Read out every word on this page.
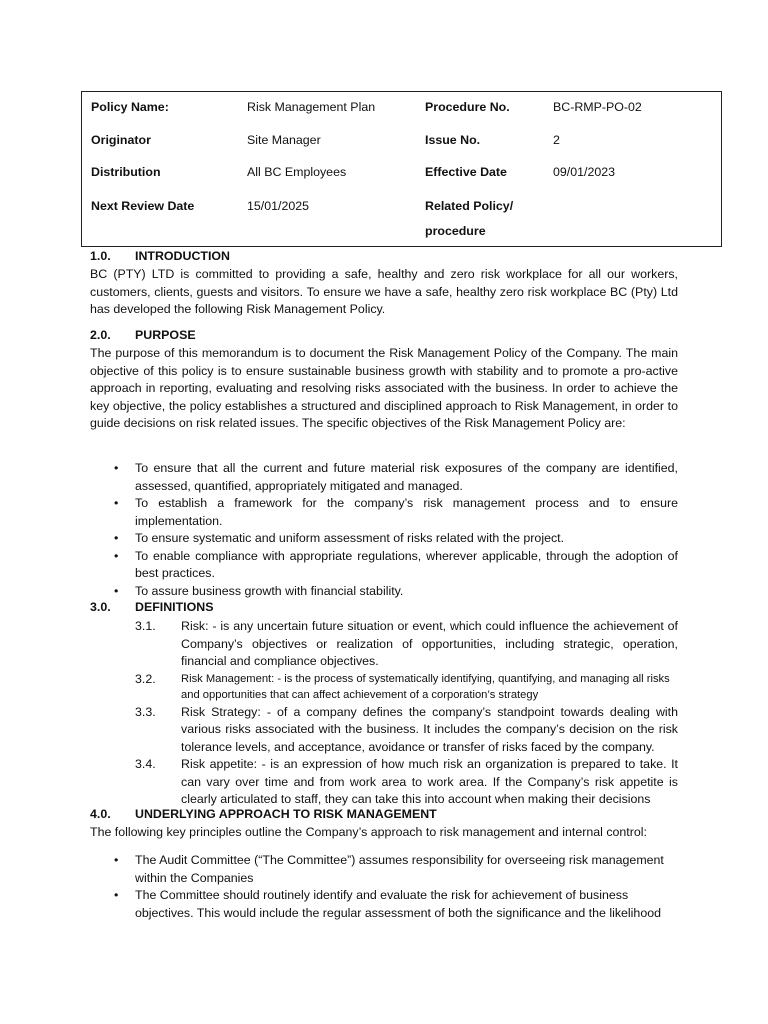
Policy Name:	Risk Management Plan	Procedure No.	BC-RMP-PO-02
Originator	Site Manager	Issue No.	2
Distribution	All BC Employees	Effective Date	09/01/2023
Next Review Date	15/01/2025	Related Policy/
procedure
1.0. INTRODUCTION
BC (PTY) LTD is committed to providing a safe, healthy and zero risk workplace for all our workers, customers, clients, guests and visitors. To ensure we have a safe, healthy zero risk workplace BC (Pty) Ltd has developed the following Risk Management Policy.
2.0. PURPOSE
The purpose of this memorandum is to document the Risk Management Policy of the Company. The main objective of this policy is to ensure sustainable business growth with stability and to promote a pro-active approach in reporting, evaluating and resolving risks associated with the business. In order to achieve the key objective, the policy establishes a structured and disciplined approach to Risk Management, in order to guide decisions on risk related issues. The specific objectives of the Risk Management Policy are:
• To ensure that all the current and future material risk exposures of the company are identified, assessed, quantified, appropriately mitigated and managed.
• To establish a framework for the company’s risk management process and to ensure implementation.
• To ensure systematic and uniform assessment of risks related with the project.
• To enable compliance with appropriate regulations, wherever applicable, through the adoption of best practices.
• To assure business growth with financial stability.
3.0. DEFINITIONS
3.1. Risk: - is any uncertain future situation or event, which could influence the achievement of Company’s objectives or realization of opportunities, including strategic, operation, financial and compliance objectives.
3.2. Risk Management: - is the process of systematically identifying, quantifying, and managing all risks and opportunities that can affect achievement of a corporation’s strategy
3.3. Risk Strategy: - of a company defines the company’s standpoint towards dealing with various risks associated with the business. It includes the company’s decision on the risk tolerance levels, and acceptance, avoidance or transfer of risks faced by the company.
3.4. Risk appetite: - is an expression of how much risk an organization is prepared to take. It can vary over time and from work area to work area. If the Company’s risk appetite is clearly articulated to staff, they can take this into account when making their decisions
4.0. UNDERLYING APPROACH TO RISK MANAGEMENT
The following key principles outline the Company’s approach to risk management and internal control:
• The Audit Committee (“The Committee”) assumes responsibility for overseeing risk management within the Companies
• The Committee should routinely identify and evaluate the risk for achievement of business objectives. This would include the regular assessment of both the significance and the likelihood
